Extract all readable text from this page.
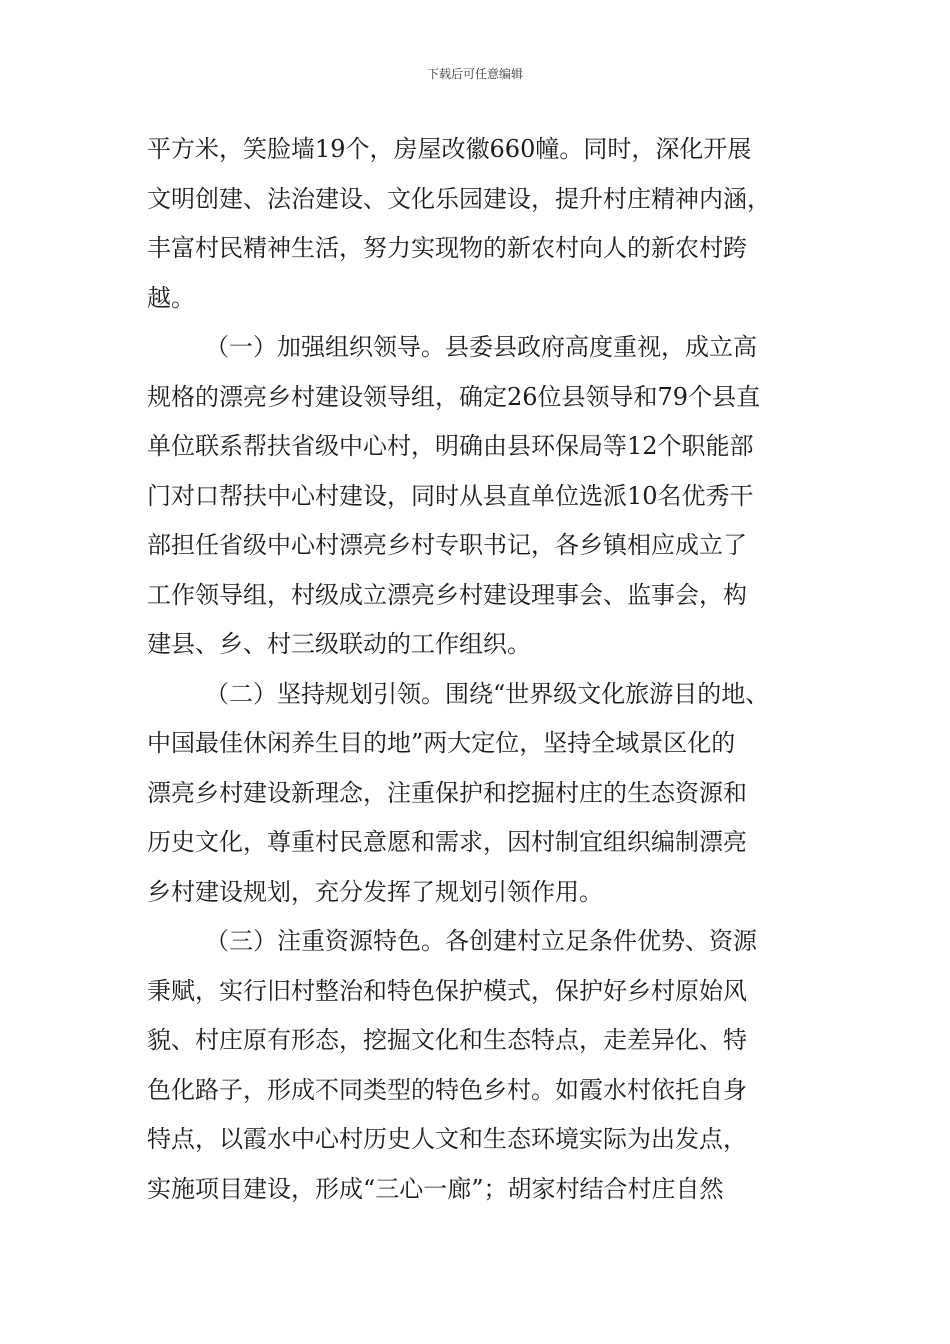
下载后可任意编辑
平方米，笑脸墙19个，房屋改徽660幢。同时，深化开展
文明创建、法治建设、文化乐园建设，提升村庄精神内涵，
丰富村民精神生活，努力实现物的新农村向人的新农村跨
越。
（一）加强组织领导。县委县政府高度重视，成立高
规格的漂亮乡村建设领导组，确定26位县领导和79个县直
单位联系帮扶省级中心村，明确由县环保局等12个职能部
门对口帮扶中心村建设，同时从县直单位选派10名优秀干
部担任省级中心村漂亮乡村专职书记，各乡镇相应成立了
工作领导组，村级成立漂亮乡村建设理事会、监事会，构
建县、乡、村三级联动的工作组织。
（二）坚持规划引领。围绕“世界级文化旅游目的地、
中国最佳休闲养生目的地”两大定位，坚持全域景区化的
漂亮乡村建设新理念，注重保护和挖掘村庄的生态资源和
历史文化，尊重村民意愿和需求，因村制宜组织编制漂亮
乡村建设规划，充分发挥了规划引领作用。
（三）注重资源特色。各创建村立足条件优势、资源
秉赋，实行旧村整治和特色保护模式，保护好乡村原始风
貌、村庄原有形态，挖掘文化和生态特点，走差异化、特
色化路子，形成不同类型的特色乡村。如霞水村依托自身
特点，以霞水中心村历史人文和生态环境实际为出发点，
实施项目建设，形成“三心一廊”；胡家村结合村庄自然
